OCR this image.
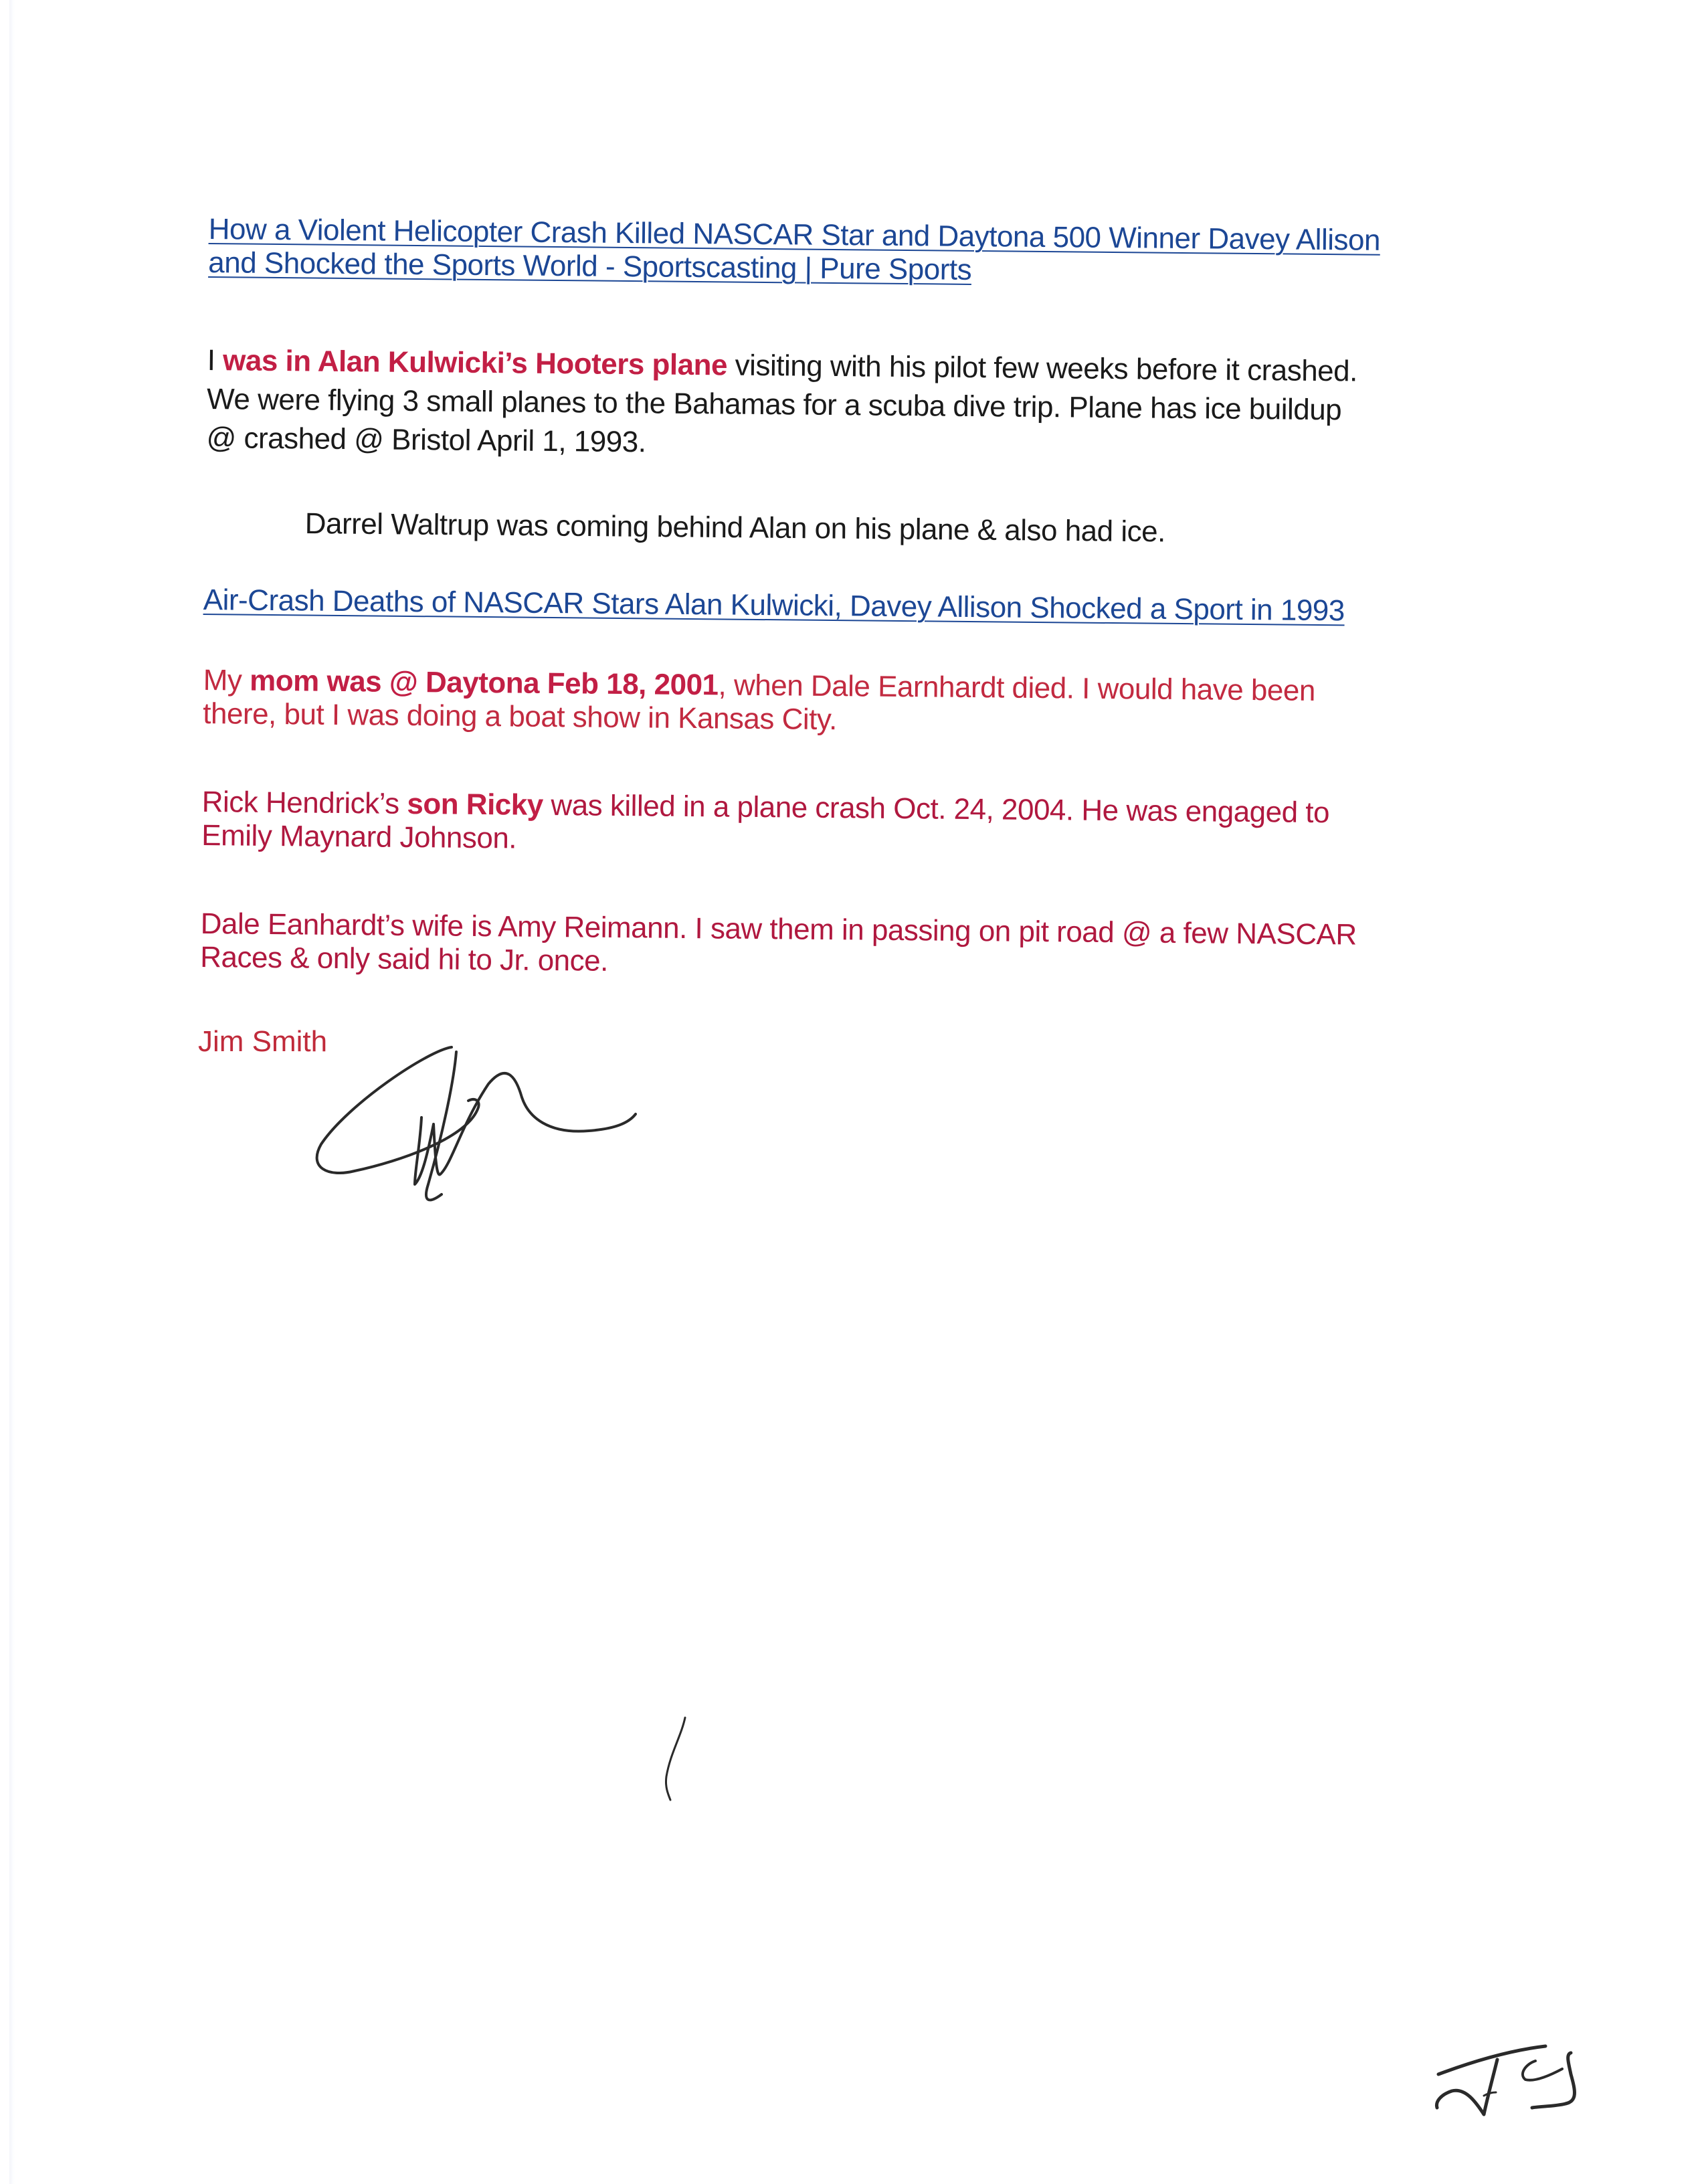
How a Violent Helicopter Crash Killed NASCAR Star and Daytona 500 Winner Davey Allison
and Shocked the Sports World - Sportscasting | Pure Sports
I was in Alan Kulwicki’s Hooters plane visiting with his pilot few weeks before it crashed.
We were flying 3 small planes to the Bahamas for a scuba dive trip. Plane has ice buildup
@ crashed @ Bristol April 1, 1993.
Darrel Waltrup was coming behind Alan on his plane & also had ice.
Air-Crash Deaths of NASCAR Stars Alan Kulwicki, Davey Allison Shocked a Sport in 1993
My mom was @ Daytona Feb 18, 2001, when Dale Earnhardt died. I would have been
there, but I was doing a boat show in Kansas City.
Rick Hendrick’s son Ricky was killed in a plane crash Oct. 24, 2004. He was engaged to
Emily Maynard Johnson.
Dale Eanhardt’s wife is Amy Reimann. I saw them in passing on pit road @ a few NASCAR
Races & only said hi to Jr. once.
Jim Smith
